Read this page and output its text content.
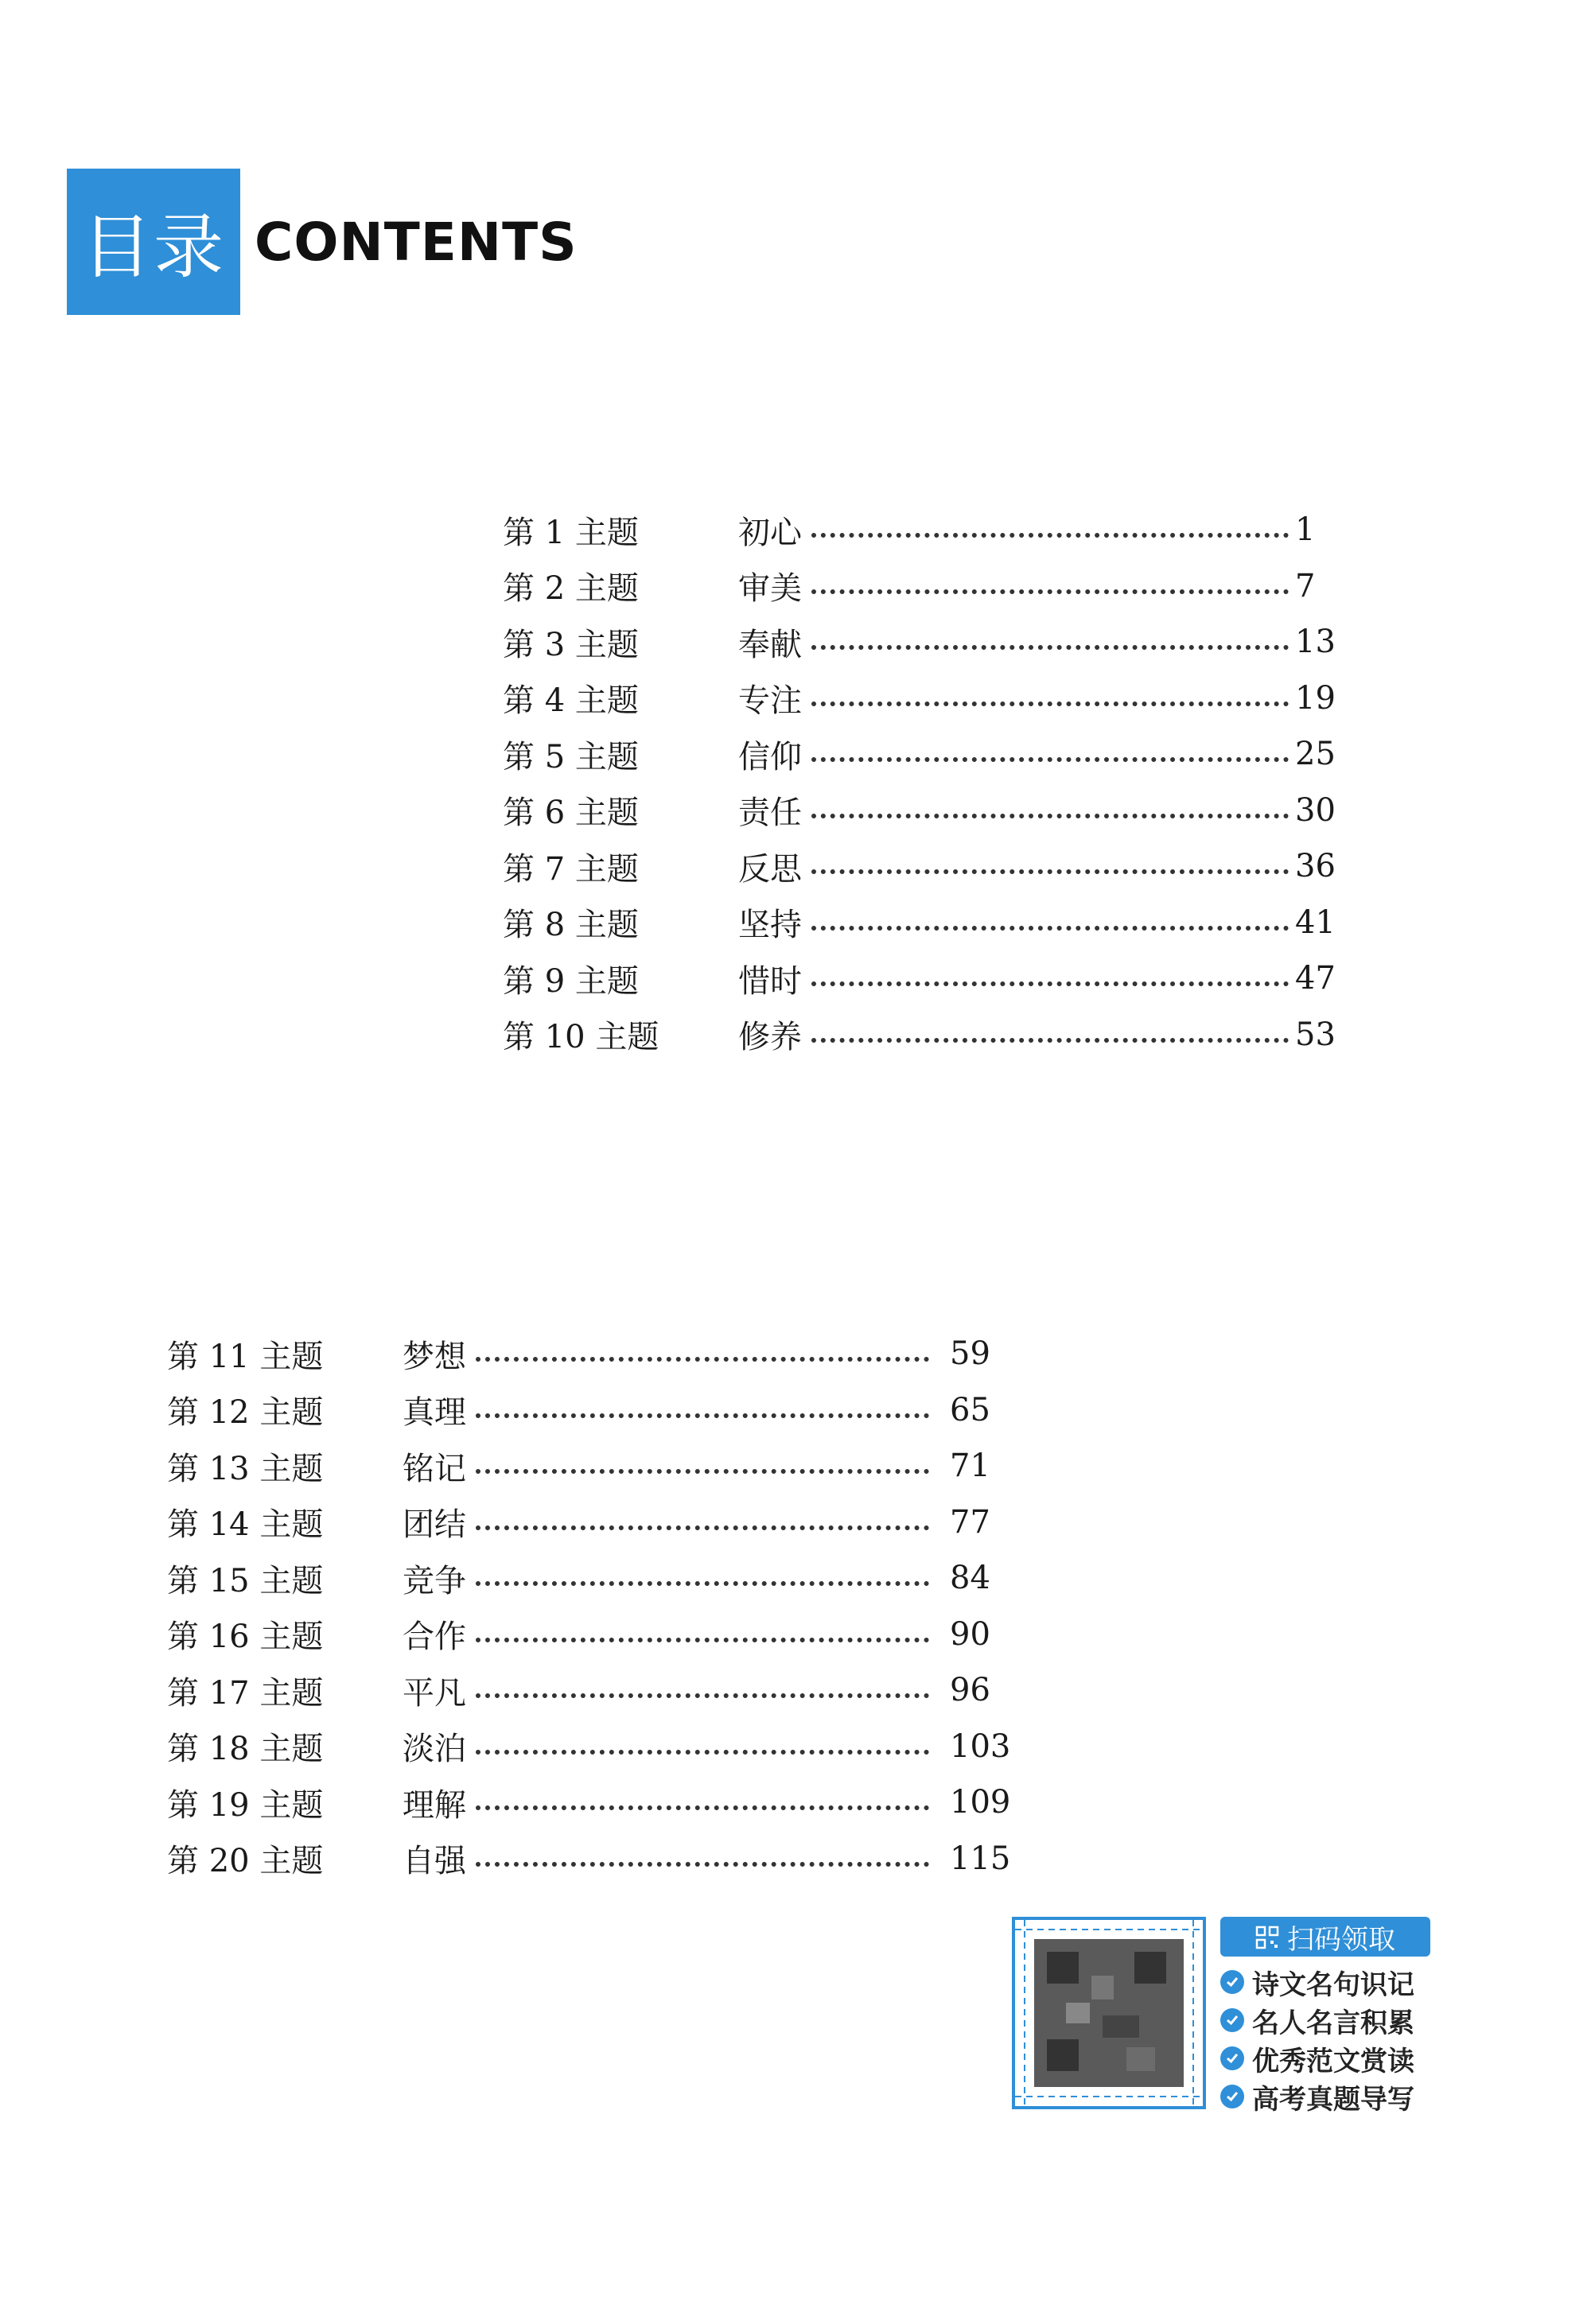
目录 CONTENTS
第 1 主题	初心	1
第 2 主题	审美	7
第 3 主题	奉献	13
第 4 主题	专注	19
第 5 主题	信仰	25
第 6 主题	责任	30
第 7 主题	反思	36
第 8 主题	坚持	41
第 9 主题	惜时	47
第 10 主题 修养	53
第 11 主题 梦想	59
第 12 主题 真理	65
第 13 主题 铭记	71
第 14 主题 团结	77
第 15 主题 竞争	84
第 16 主题 合作	90
第 17 主题 平凡	96
第 18 主题 淡泊	103
第 19 主题 理解	109
第 20 主题 自强	115
扫码领取
诗文名句识记
名人名言积累
优秀范文赏读
高考真题导写
